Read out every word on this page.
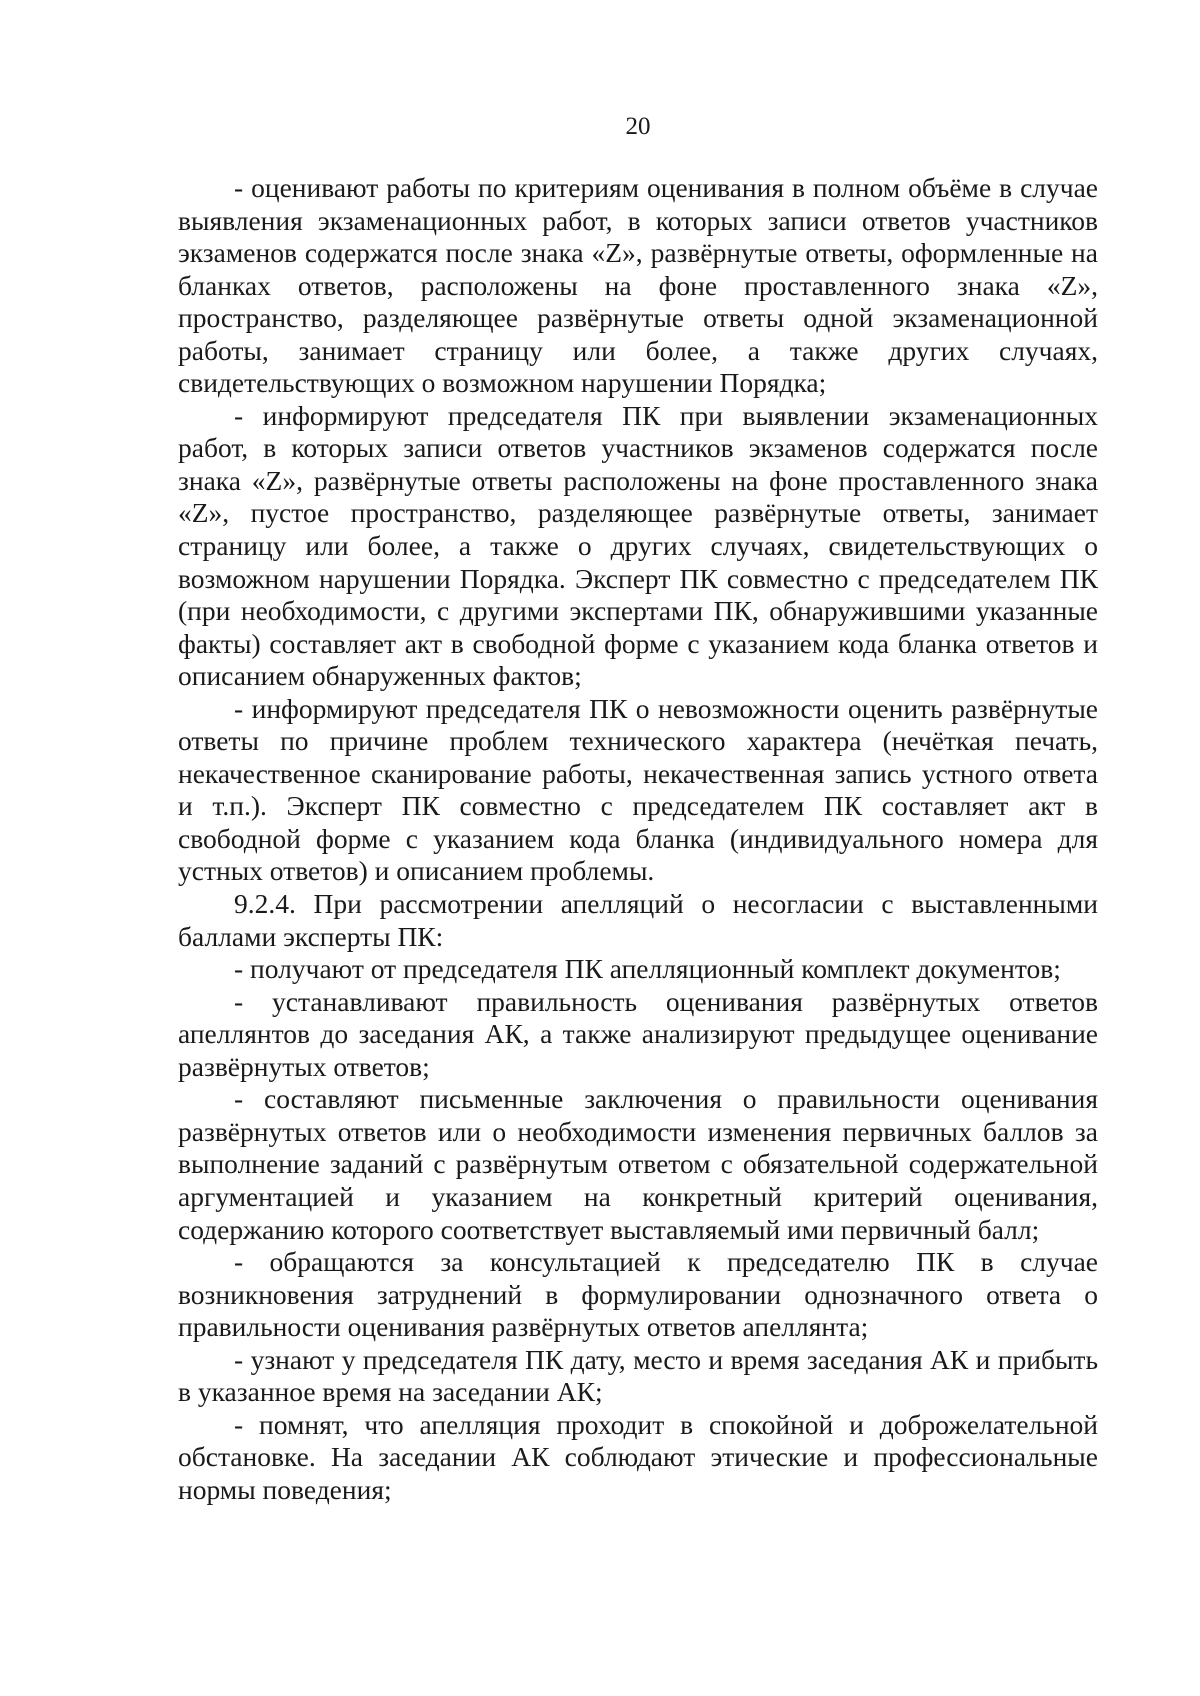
20

- оценивают работы по критериям оценивания в полном объёме в случае выявления экзаменационных работ, в которых записи ответов участников экзаменов содержатся после знака «Z», развёрнутые ответы, оформленные на бланках ответов, расположены на фоне проставленного знака «Z», пространство, разделяющее развёрнутые ответы одной экзаменационной работы, занимает страницу или более, а также других случаях, свидетельствующих о возможном нарушении Порядка;

- информируют председателя ПК при выявлении экзаменационных работ, в которых записи ответов участников экзаменов содержатся после знака «Z», развёрнутые ответы расположены на фоне проставленного знака «Z», пустое пространство, разделяющее развёрнутые ответы, занимает страницу или более, а также о других случаях, свидетельствующих о возможном нарушении Порядка. Эксперт ПК совместно с председателем ПК (при необходимости, с другими экспертами ПК, обнаружившими указанные факты) составляет акт в свободной форме с указанием кода бланка ответов и описанием обнаруженных фактов;

- информируют председателя ПК о невозможности оценить развёрнутые ответы по причине проблем технического характера (нечёткая печать, некачественное сканирование работы, некачественная запись устного ответа и т.п.). Эксперт ПК совместно с председателем ПК составляет акт в свободной форме с указанием кода бланка (индивидуального номера для устных ответов) и описанием проблемы.

9.2.4. При рассмотрении апелляций о несогласии с выставленными баллами эксперты ПК:

- получают от председателя ПК апелляционный комплект документов;

- устанавливают правильность оценивания развёрнутых ответов апеллянтов до заседания АК, а также анализируют предыдущее оценивание развёрнутых ответов;

- составляют письменные заключения о правильности оценивания развёрнутых ответов или о необходимости изменения первичных баллов за выполнение заданий с развёрнутым ответом с обязательной содержательной аргументацией и указанием на конкретный критерий оценивания, содержанию которого соответствует выставляемый ими первичный балл;

- обращаются за консультацией к председателю ПК в случае возникновения затруднений в формулировании однозначного ответа о правильности оценивания развёрнутых ответов апеллянта;

- узнают у председателя ПК дату, место и время заседания АК и прибыть в указанное время на заседании АК;

- помнят, что апелляция проходит в спокойной и доброжелательной обстановке. На заседании АК соблюдают этические и профессиональные нормы поведения;
